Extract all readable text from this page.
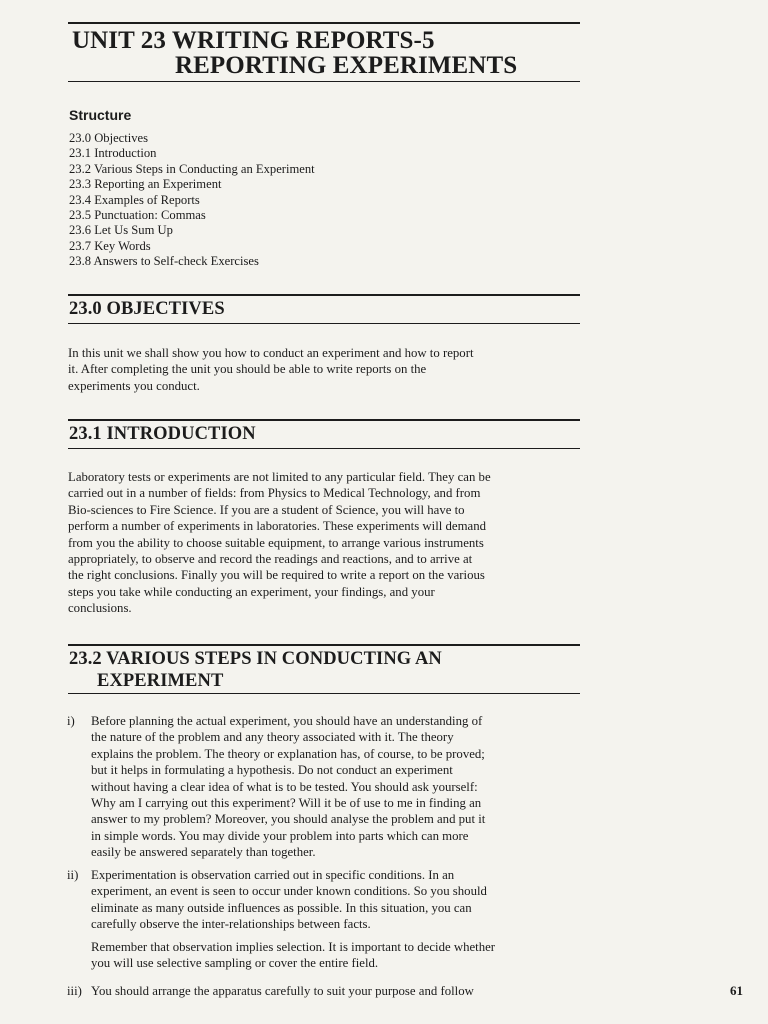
UNIT 23 WRITING REPORTS-5
REPORTING EXPERIMENTS
Structure
23.0 Objectives
23.1 Introduction
23.2 Various Steps in Conducting an Experiment
23.3 Reporting an Experiment
23.4 Examples of Reports
23.5 Punctuation: Commas
23.6 Let Us Sum Up
23.7 Key Words
23.8 Answers to Self-check Exercises
23.0 OBJECTIVES

In this unit we shall show you how to conduct an experiment and how to report
it. After completing the unit you should be able to write reports on the
experiments you conduct.

23.1 INTRODUCTION

Laboratory tests or experiments are not limited to any particular field. They can be
carried out in a number of fields: from Physics to Medical Technology, and from
Bio-sciences to Fire Science. If you are a student of Science, you will have to
perform a number of experiments in laboratories. These experiments will demand
from you the ability to choose suitable equipment, to arrange various instruments
appropriately, to observe and record the readings and reactions, and to arrive at
the right conclusions. Finally you will be required to write a report on the various
steps you take while conducting an experiment, your findings, and your
conclusions.

23.2 VARIOUS STEPS IN CONDUCTING AN
EXPERIMENT
i) Before planning the actual experiment, you should have an understanding of
the nature of the problem and any theory associated with it. The theory
explains the problem. The theory or explanation has, of course, to be proved;
but it helps in formulating a hypothesis. Do not conduct an experiment
without having a clear idea of what is to be tested. You should ask yourself:
Why am I carrying out this experiment? Will it be of use to me in finding an
answer to my problem? Moreover, you should analyse the problem and put it
in simple words. You may divide your problem into parts which can more
easily be answered separately than together.
ii) Experimentation is observation carried out in specific conditions. In an
experiment, an event is seen to occur under known conditions. So you should
eliminate as many outside influences as possible. In this situation, you can
carefully observe the inter-relationships between facts.
Remember that observation implies selection. It is important to decide whether
you will use selective sampling or cover the entire field.
iii) You should arrange the apparatus carefully to suit your purpose and follow	61
